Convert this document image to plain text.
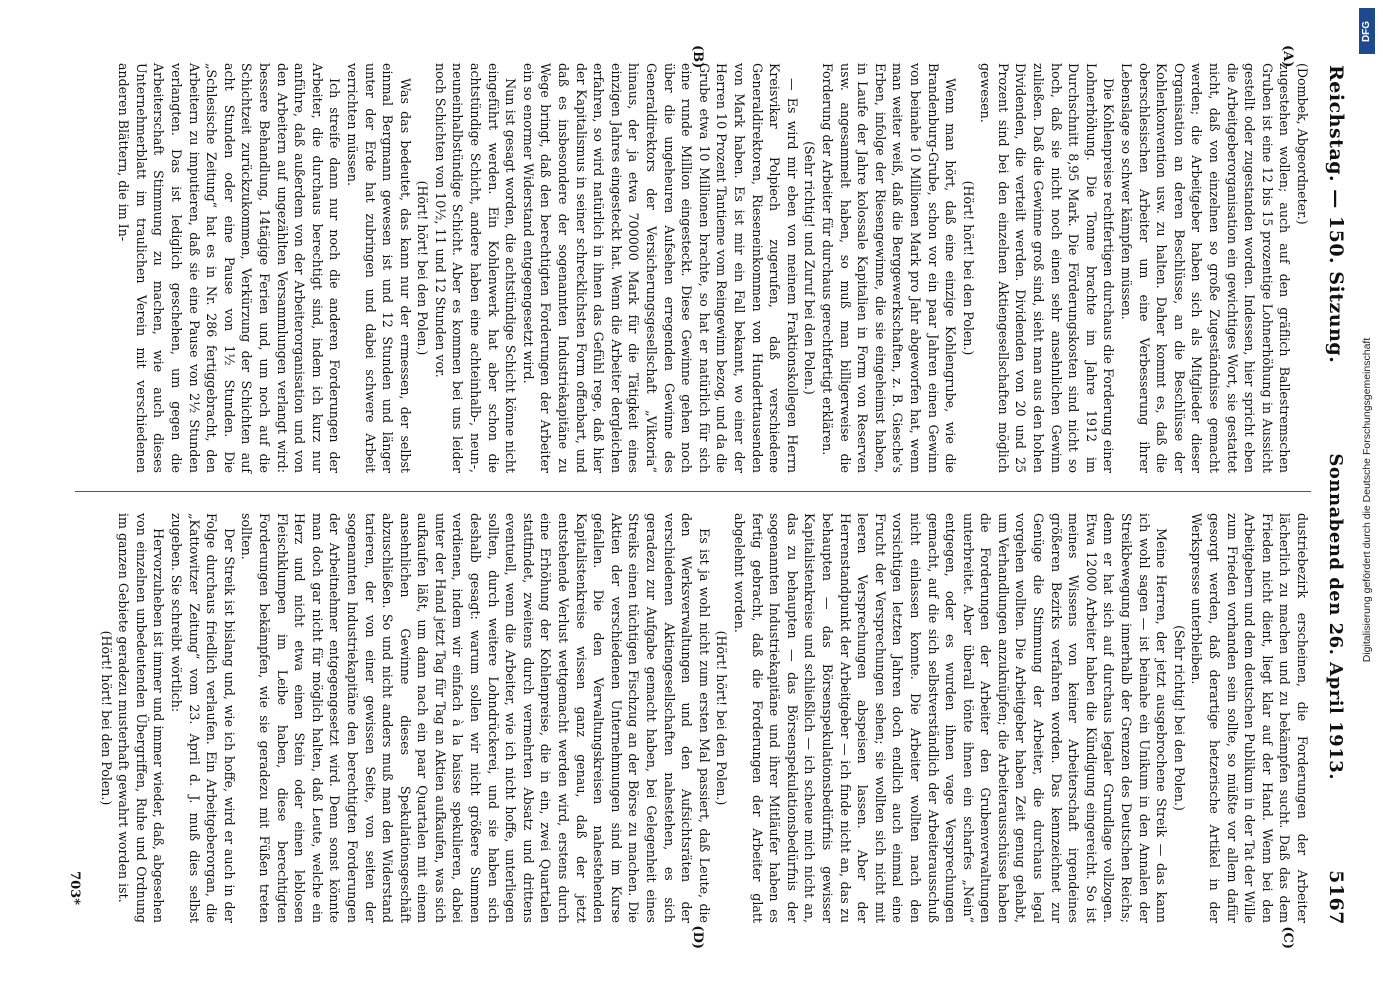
Reichstag. — 150. Sitzung.
Sonnabend den 26. April 1913.
5167
(A)
(B)
(C)
(D)

(Dombek, Abgeordneter.)

zugestehen wollen; auch auf den gräflich Ballestremschen Gruben ist eine 12 bis 15 prozentige Lohnerhöhung in Aussicht gestellt oder zugestanden worden. Indessen, hier spricht eben die Arbeitgeberorganisation ein gewichtiges Wort, sie gestattet nicht, daß von einzelnen so große Zugeständnisse gemacht werden; die Arbeitgeber haben sich als Mitglieder dieser Organisation an deren Beschlüsse, an die Beschlüsse der Kohlenkonvention usw. zu halten. Daher kommt es, daß die oberschlesischen Arbeiter um eine Verbesserung ihrer Lebenslage so schwer kämpfen müssen.

Die Kohlenpreise rechtfertigen durchaus die Forderung einer Lohnerhöhung. Die Tonne brachte im Jahre 1912 im Durchschnitt 8,95 Mark. Die Förderungskosten sind nicht so hoch, daß sie nicht noch einen sehr ansehnlichen Gewinn zuließen. Daß die Gewinne groß sind, sieht man aus den hohen Dividenden, die verteilt werden. Dividenden von 20 und 25 Prozent sind bei den einzelnen Aktiengesellschaften möglich gewesen.

(Hört! hört! bei den Polen.)

Wenn man hört, daß eine einzige Kohlengrube, wie die Brandenburg-Grube, schon vor ein paar Jahren einen Gewinn von beinahe 10 Millionen Mark pro Jahr abgeworfen hat, wenn man weiter weiß, daß die Berggewerkschaften, z. B. Giesche's Erben, infolge der Riesengewinne, die sie eingeheimst haben, in Laufe der Jahre kolossale Kapitalien in Form von Reserven usw. angesammelt haben, so muß man billigerweise die Forderung der Arbeiter für durchaus gerechtfertigt erklären.

(Sehr richtig! und Zuruf bei den Polen.)

— Es wird mir eben von meinem Fraktionskollegen Herrn Kreisvikar Polpiech zugerufen, daß verschiedene Generaldirektoren, Rieseneinkommen von Hunderttausenden von Mark haben. Es ist mir ein Fall bekannt, wo einer der Herren 10 Prozent Tantieme vom Reingewinn bezog, und da die Grube etwa 10 Millionen brachte, so hat er natürlich für sich eine runde Million eingesteckt. Diese Gewinne gehen noch über die ungeheuren Aufsehen erregenden Gewinne des Generaldirektors der Versicherungsgesellschaft „Viktoria“ hinaus, der ja etwa 700000 Mark für die Tätigkeit eines einzigen Jahres eingesteckt hat. Wenn die Arbeiter dergleichen erfahren, so wird natürlich in ihnen das Gefühl rege, daß hier der Kapitalismus in seiner schrecklichsten Form offenbart, und daß es insbesondere der sogenannten Industriekapitäne zu Wege bringt, daß den berechtigten Forderungen der Arbeiter ein so enormer Widerstand entgegengesetzt wird.

Nun ist gesagt worden, die achtstündige Schicht könne nicht eingeführt werden. Ein Kohlenwerk hat aber schon die achtstündige Schicht, andere haben eine achteinhalb-, neun-, neuneinhalbstündige Schicht. Aber es kommen bei uns leider noch Schichten von 10½, 11 und 12 Stunden vor.

(Hört! hört! bei den Polen.)

Was das bedeutet, das kann nur der ermessen, der selbst einmal Bergmann gewesen ist und 12 Stunden und länger unter der Erde hat zubringen und dabei schwere Arbeit verrichten müssen.

Ich streife dann nur noch die anderen Forderungen der Arbeiter, die durchaus berechtigt sind, indem ich kurz nur anführe, daß außerdem von der Arbeiterorganisation und von den Arbeitern auf ungezählten Versammlungen verlangt wird: bessere Behandlung, 14tägige Ferien und, um noch auf die Schichtzeit zurückzukommen, Verkürzung der Schichten auf acht Stunden oder eine Pause von 1½ Stunden. Die „Schlesische Zeitung“ hat es in Nr. 286 fertiggebracht, den Arbeitern zu imputieren, daß sie eine Pause von 2½ Stunden verlangten. Das ist lediglich geschehen, um gegen die Arbeiterschaft Stimmung zu machen, wie auch dieses Unternehmerblatt im traulichen Verein mit verschiedenen anderen Blättern, die im In-

dustriebezirk erscheinen, die Forderungen der Arbeiter lächerlich zu machen und zu bekämpfen sucht. Daß das dem Frieden nicht dient, liegt klar auf der Hand. Wenn bei den Arbeitgebern und dem deutschen Publikum in der Tat der Wille zum Frieden vorhanden sein sollte, so müßte vor allem dafür gesorgt werden, daß derartige hetzerische Artikel in der Werkspresse unterbleiben.

(Sehr richtig! bei den Polen.)

Meine Herren, der jetzt ausgebrochene Streik — das kann ich wohl sagen — ist beinahe ein Unikum in den Annalen der Streikbewegung innerhalb der Grenzen des Deutschen Reichs; denn er hat sich auf durchaus legaler Grundlage vollzogen. Etwa 12000 Arbeiter haben die Kündigung eingereicht. So ist meines Wissens von keiner Arbeiterschaft irgendeines größeren Bezirks verfahren worden. Das kennzeichnet zur Genüge die Stimmung der Arbeiter, die durchaus legal vorgehen wollten. Die Arbeitgeber haben Zeit genug gehabt, um Verhandlungen anzuknüpfen; die Arbeiterausschüsse haben die Forderungen der Arbeiter den Grubenverwaltungen unterbreitet. Aber überall tönte ihnen ein scharfes „Nein“ entgegen, oder es wurden ihnen vage Versprechungen gemacht, auf die sich selbstverständlich der Arbeiterausschuß nicht einlassen konnte. Die Arbeiter wollten nach den vorsichtigen letzten Jahren doch endlich auch einmal eine Frucht der Versprechungen sehen; sie wollten sich nicht mit leeren Versprechungen abspeisen lassen. Aber der Herrenstandpunkt der Arbeitgeber — ich finde nicht an, das zu behaupten — das Börsenspekulationsbedürfnis gewisser Kapitalistenkreise und schließlich — ich scheue mich nicht an, das zu behaupten — das Börsenspekulationsbedürfnis der sogenannten Industriekapitäne und ihrer Mitläufer haben es fertig gebracht, daß die Forderungen der Arbeiter glatt abgelehnt worden.

(Hört! hört! bei den Polen.)

Es ist ja wohl nicht zum ersten Mal passiert, daß Leute, die den Werksverwaltungen und den Aufsichtsräten der verschiedenen Aktiengesellschaften nahestehen, es sich geradezu zur Aufgabe gemacht haben, bei Gelegenheit eines Streiks einen tüchtigen Fischzug an der Börse zu machen. Die Aktien der verschiedenen Unternehmungen sind im Kurse gefallen. Die den Verwaltungskreisen nahestehenden Kapitalistenkreise wissen ganz genau, daß der jetzt entstehende Verlust wettgemacht werden wird, erstens durch eine Erhöhung der Kohlenpreise, die in ein, zwei Quartalen stattfindet, zweitens durch vermehrten Absatz und drittens eventuell, wenn die Arbeiter, wie ich nicht hoffe, unterliegen sollten, durch weitere Lohndrückerei, und sie haben sich deshalb gesagt: warum sollen wir nicht größere Summen verdienen, indem wir einfach à la baisse spekulieren, dabei unter der Hand jetzt Tag für Tag an Aktien aufkaufen, was sich aufkaufen läßt, um dann nach ein paar Quartalen mit einem ansehnlichen Gewinne dieses Spekulationsgeschäft abzuschließen. So und nicht anders muß man den Widerstand tarieren, der von einer gewissen Seite, von seiten der sogenannten Industriekapitäne den berechtigten Forderungen der Arbeitnehmer entgegengesetzt wird. Denn sonst könnte man doch gar nicht für möglich halten, daß Leute, welche ein Herz und nicht etwa einen Stein oder einen leblosen Fleischklumpen im Leibe haben, diese berechtigten Forderungen bekämpfen, wie sie geradezu mit Füßen treten sollten.

Der Streik ist bislang und, wie ich hoffe, wird er auch in der Folge durchaus friedlich verlaufen. Ein Arbeitgeberorgan, die „Kattowitzer Zeitung“ vom 23. April d. J. muß dies selbst zugeben. Sie schreibt wörtlich:

Hervorzuheben ist immer und immer wieder, daß, abgesehen von einzelnen unbedeutenden Übergriffen, Ruhe und Ordnung im ganzen Gebiete geradezu musterhaft gewahrt worden ist.

(Hört! hört! bei den Polen.)

703*
Digitalisierung gefördert durch die Deutsche Forschungsgemeinschaft
DFG
